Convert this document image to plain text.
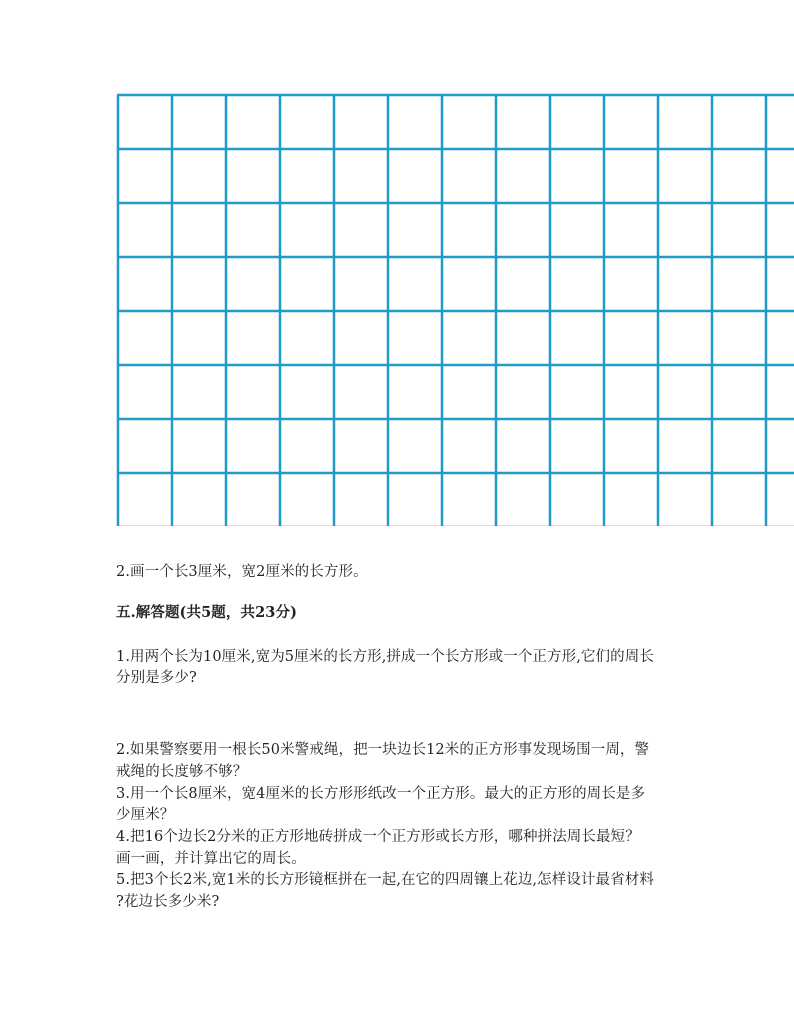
2.画一个长3厘米，宽2厘米的长方形。
五.解答题(共5题，共23分)
1.用两个长为10厘米,宽为5厘米的长方形,拼成一个长方形或一个正方形,它们的周长
分别是多少?
2.如果警察要用一根长50米警戒绳，把一块边长12米的正方形事发现场围一周，警
戒绳的长度够不够？
3.用一个长8厘米，宽4厘米的长方形形纸改一个正方形。最大的正方形的周长是多
少厘米？
4.把16个边长2分米的正方形地砖拼成一个正方形或长方形，哪种拼法周长最短？
画一画，并计算出它的周长。
5.把3个长2米,宽1米的长方形镜框拼在一起,在它的四周镶上花边,怎样设计最省材料
?花边长多少米?
